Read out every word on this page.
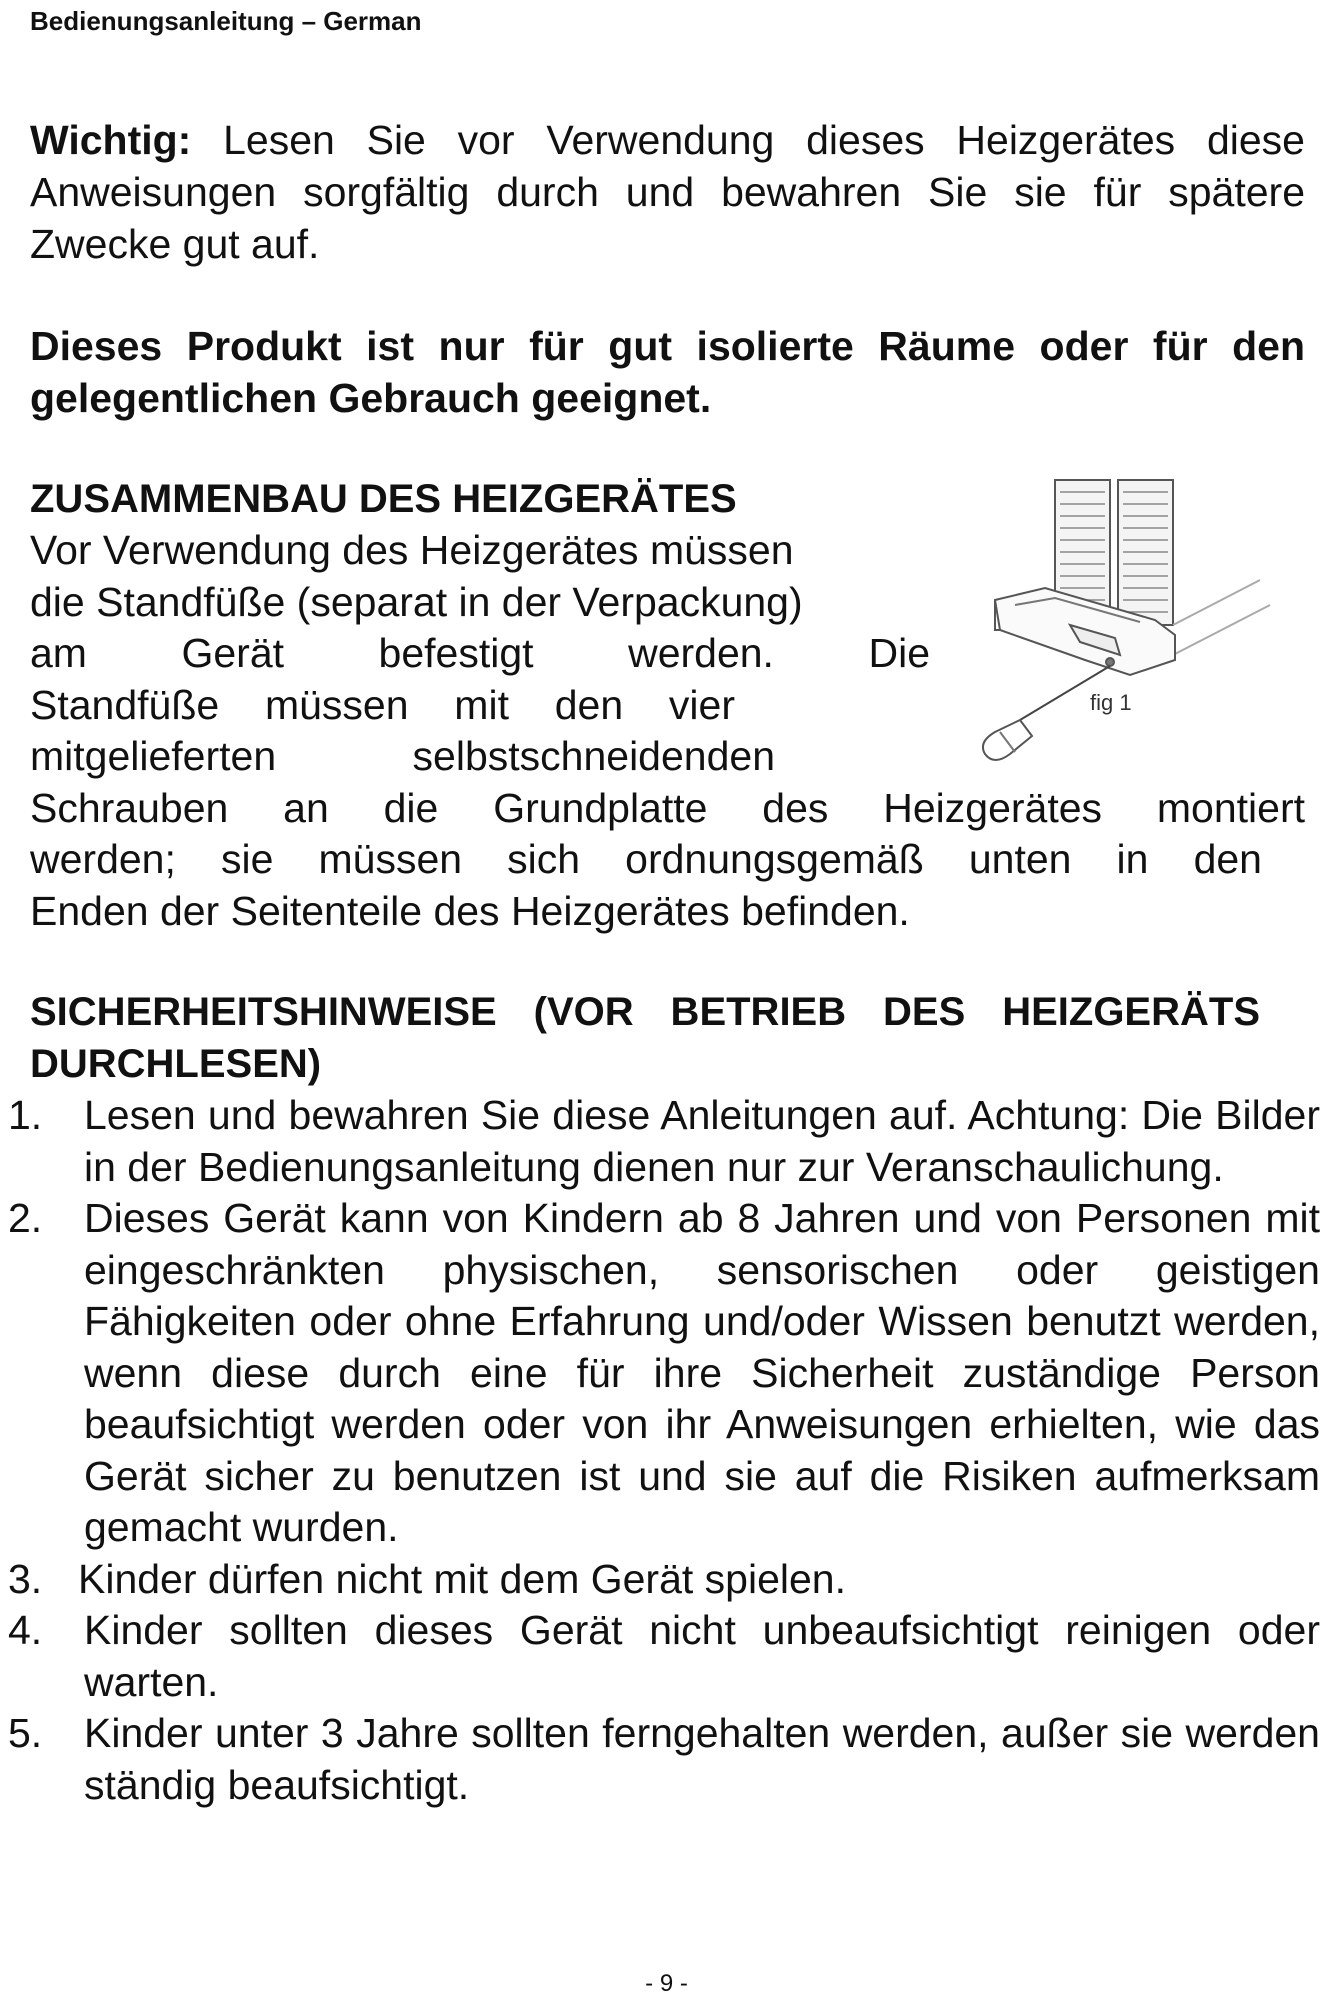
Bedienungsanleitung – German
Wichtig: Lesen Sie vor Verwendung dieses Heizgerätes diese Anweisungen sorgfältig durch und bewahren Sie sie für spätere Zwecke gut auf.
Dieses Produkt ist nur für gut isolierte Räume oder für den gelegentlichen Gebrauch geeignet.
ZUSAMMENBAU DES HEIZGERÄTES
Vor Verwendung des Heizgerätes müssen
die Standfüße (separat in der Verpackung)
am Gerät befestigt werden. Die
Standfüße müssen mit den vier
mitgelieferten selbstschneidenden
Schrauben an die Grundplatte des Heizgerätes montiert
werden; sie müssen sich ordnungsgemäß unten in den
Enden der Seitenteile des Heizgerätes befinden.
fig 1
SICHERHEITSHINWEISE (VOR BETRIEB DES HEIZGERÄTS
DURCHLESEN)
1. Lesen und bewahren Sie diese Anleitungen auf. Achtung: Die Bilder in der Bedienungsanleitung dienen nur zur Veranschaulichung.
2. Dieses Gerät kann von Kindern ab 8 Jahren und von Personen mit eingeschränkten physischen, sensorischen oder geistigen Fähigkeiten oder ohne Erfahrung und/oder Wissen benutzt werden, wenn diese durch eine für ihre Sicherheit zuständige Person beaufsichtigt werden oder von ihr Anweisungen erhielten, wie das Gerät sicher zu benutzen ist und sie auf die Risiken aufmerksam gemacht wurden.
3. Kinder dürfen nicht mit dem Gerät spielen.
4. Kinder sollten dieses Gerät nicht unbeaufsichtigt reinigen oder warten.
5. Kinder unter 3 Jahre sollten ferngehalten werden, außer sie werden ständig beaufsichtigt.
- 9 -
